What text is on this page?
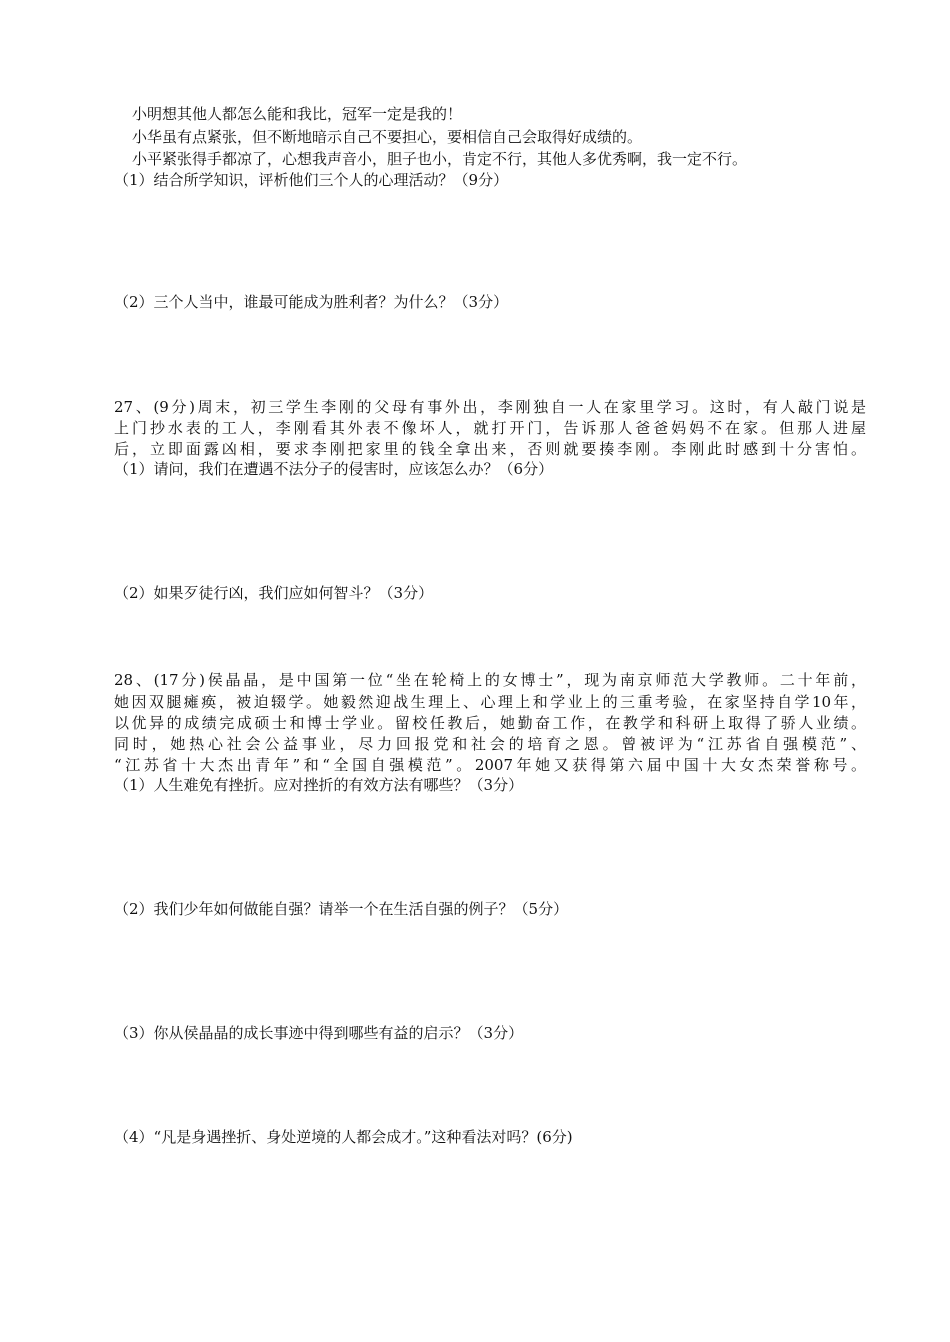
小明想其他人都怎么能和我比，冠军一定是我的！
小华虽有点紧张，但不断地暗示自己不要担心，要相信自己会取得好成绩的。
小平紧张得手都凉了，心想我声音小，胆子也小，肯定不行，其他人多优秀啊，我一定不行。
（1）结合所学知识，评析他们三个人的心理活动？（9分）
（2）三个人当中，谁最可能成为胜利者？为什么？（3分）
27、(9分)周末，初三学生李刚的父母有事外出，李刚独自一人在家里学习。这时，有人敲门说是
上门抄水表的工人，李刚看其外表不像坏人，就打开门，告诉那人爸爸妈妈不在家。但那人进屋
后，立即面露凶相，要求李刚把家里的钱全拿出来，否则就要揍李刚。李刚此时感到十分害怕。
（1）请问，我们在遭遇不法分子的侵害时，应该怎么办？（6分）
（2）如果歹徒行凶，我们应如何智斗？（3分）
28、(17分)侯晶晶，是中国第一位“坐在轮椅上的女博士”，现为南京师范大学教师。二十年前，
她因双腿瘫痪，被迫辍学。她毅然迎战生理上、心理上和学业上的三重考验，在家坚持自学10年，
以优异的成绩完成硕士和博士学业。留校任教后，她勤奋工作，在教学和科研上取得了骄人业绩。
同时，她热心社会公益事业，尽力回报党和社会的培育之恩。曾被评为“江苏省自强模范”、
“江苏省十大杰出青年”和“全国自强模范”。2007年她又获得第六届中国十大女杰荣誉称号。
（1）人生难免有挫折。应对挫折的有效方法有哪些？（3分）
（2）我们少年如何做能自强？请举一个在生活自强的例子？（5分）
（3）你从侯晶晶的成长事迹中得到哪些有益的启示？（3分）
（4）“凡是身遇挫折、身处逆境的人都会成才。”这种看法对吗？(6分)
